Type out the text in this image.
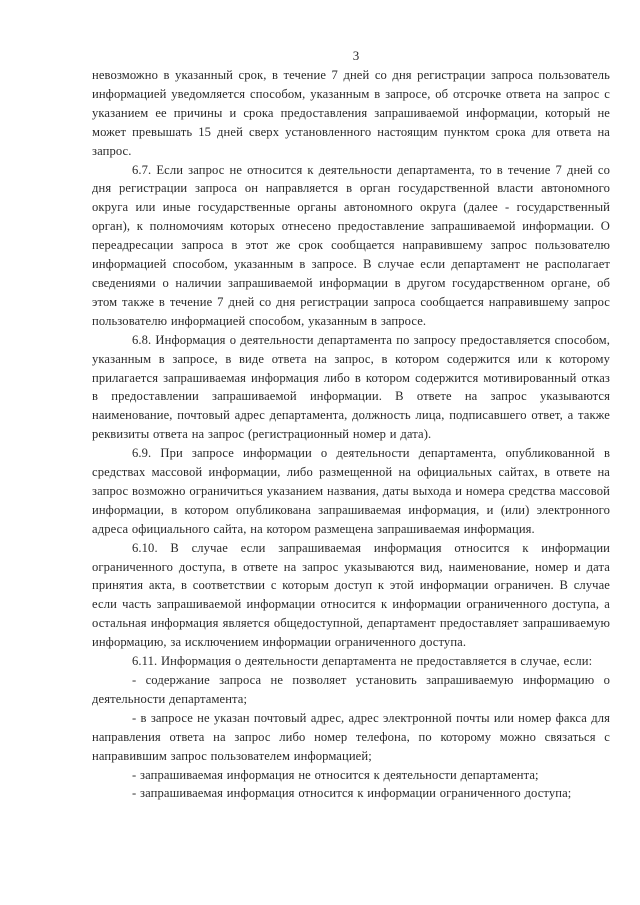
3

невозможно в указанный срок, в течение 7 дней со дня регистрации запроса пользователь информацией уведомляется способом, указанным в запросе, об отсрочке ответа на запрос с указанием ее причины и срока предоставления запрашиваемой информации, который не может превышать 15 дней сверх установленного настоящим пунктом срока для ответа на запрос.

6.7. Если запрос не относится к деятельности департамента, то в течение 7 дней со дня регистрации запроса он направляется в орган государственной власти автономного округа или иные государственные органы автономного округа (далее - государственный орган), к полномочиям которых отнесено предоставление запрашиваемой информации. О переадресации запроса в этот же срок сообщается направившему запрос пользователю информацией способом, указанным в запросе. В случае если департамент не располагает сведениями о наличии запрашиваемой информации в другом государственном органе, об этом также в течение 7 дней со дня регистрации запроса сообщается направившему запрос пользователю информацией способом, указанным в запросе.

6.8. Информация о деятельности департамента по запросу предоставляется способом, указанным в запросе, в виде ответа на запрос, в котором содержится или к которому прилагается запрашиваемая информация либо в котором содержится мотивированный отказ в предоставлении запрашиваемой информации. В ответе на запрос указываются наименование, почтовый адрес департамента, должность лица, подписавшего ответ, а также реквизиты ответа на запрос (регистрационный номер и дата).

6.9. При запросе информации о деятельности департамента, опубликованной в средствах массовой информации, либо размещенной на официальных сайтах, в ответе на запрос возможно ограничиться указанием названия, даты выхода и номера средства массовой информации, в котором опубликована запрашиваемая информация, и (или) электронного адреса официального сайта, на котором размещена запрашиваемая информация.

6.10. В случае если запрашиваемая информация относится к информации ограниченного доступа, в ответе на запрос указываются вид, наименование, номер и дата принятия акта, в соответствии с которым доступ к этой информации ограничен. В случае если часть запрашиваемой информации относится к информации ограниченного доступа, а остальная информация является общедоступной, департамент предоставляет запрашиваемую информацию, за исключением информации ограниченного доступа.

6.11. Информация о деятельности департамента не предоставляется в случае, если:

- содержание запроса не позволяет установить запрашиваемую информацию о деятельности департамента;

- в запросе не указан почтовый адрес, адрес электронной почты или номер факса для направления ответа на запрос либо номер телефона, по которому можно связаться с направившим запрос пользователем информацией;

- запрашиваемая информация не относится к деятельности департамента;

- запрашиваемая информация относится к информации ограниченного доступа;
